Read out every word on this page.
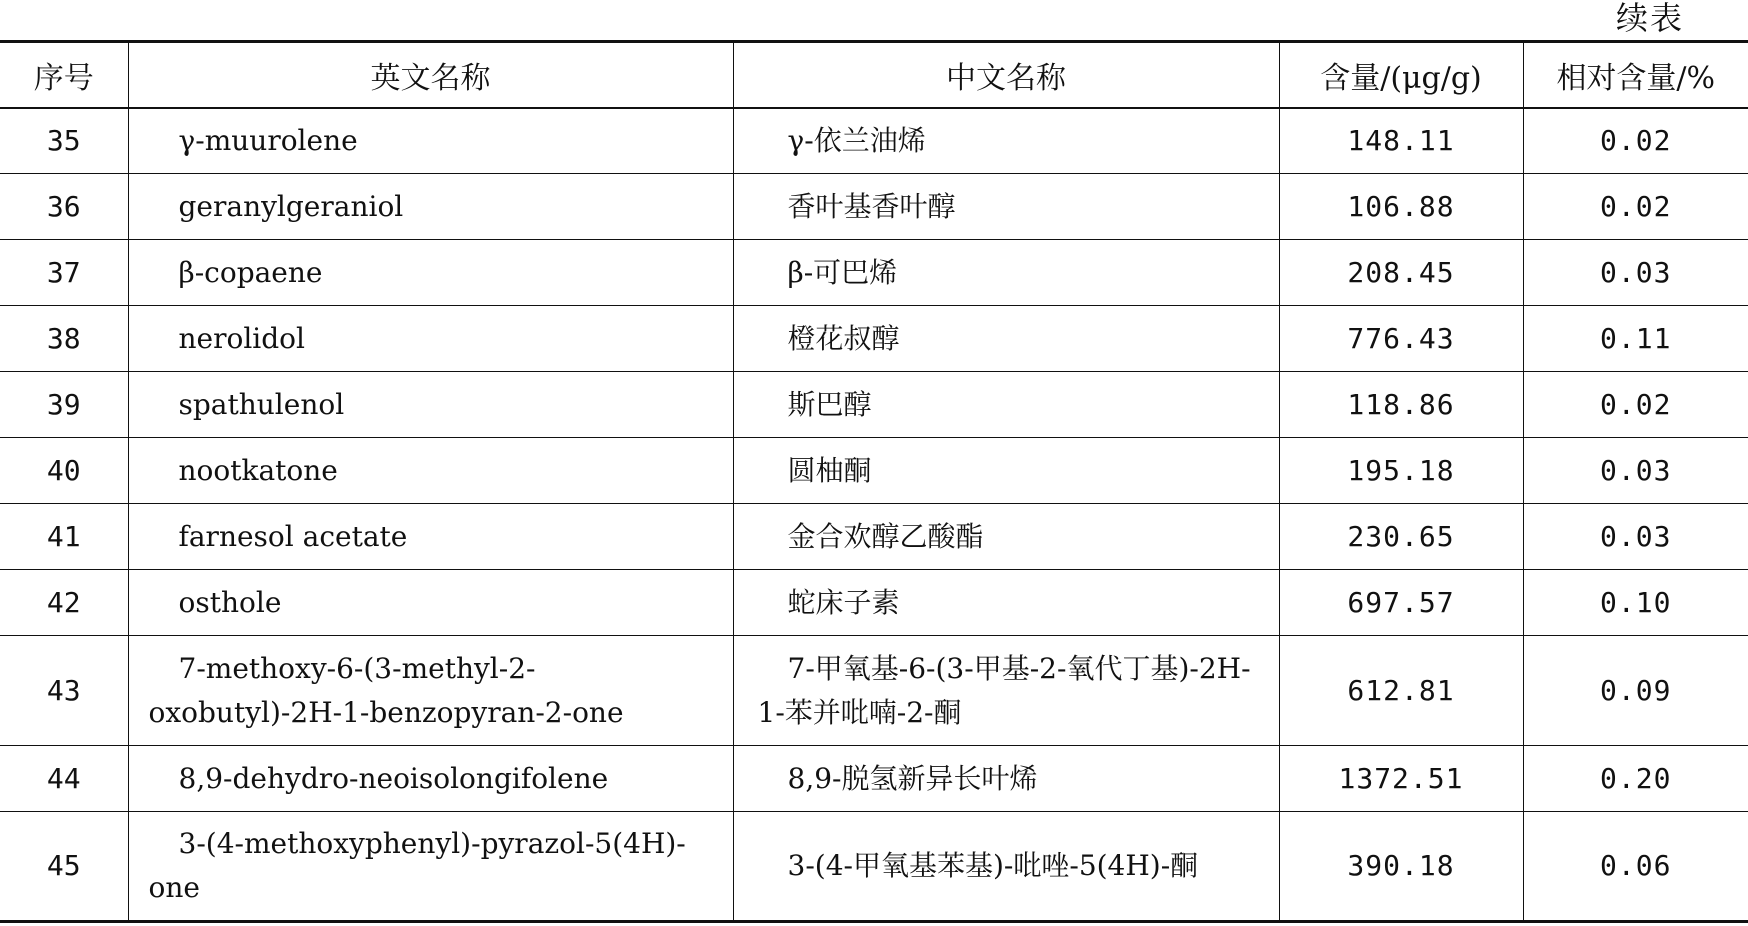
续表
序号	英文名称	中文名称	含量/(μg/g)	相对含量/%
35	γ-muurolene	γ-依兰油烯	148.11	0.02
36	geranylgeraniol	香叶基香叶醇	106.88	0.02
37	β-copaene	β-可巴烯	208.45	0.03
38	nerolidol	橙花叔醇	776.43	0.11
39	spathulenol	斯巴醇	118.86	0.02
40	nootkatone	圆柚酮	195.18	0.03
41	farnesol acetate	金合欢醇乙酸酯	230.65	0.03
42	osthole	蛇床子素	697.57	0.10
43	7-methoxy-6-(3-methyl-2-oxobutyl)-2H-1-benzopyran-2-one	7-甲氧基-6-(3-甲基-2-氧代丁基)-2H-1-苯并吡喃-2-酮	612.81	0.09
44	8,9-dehydro-neoisolongifolene	8,9-脱氢新异长叶烯	1372.51	0.20
45	3-(4-methoxyphenyl)-pyrazol-5(4H)-one	3-(4-甲氧基苯基)-吡唑-5(4H)-酮	390.18	0.06
